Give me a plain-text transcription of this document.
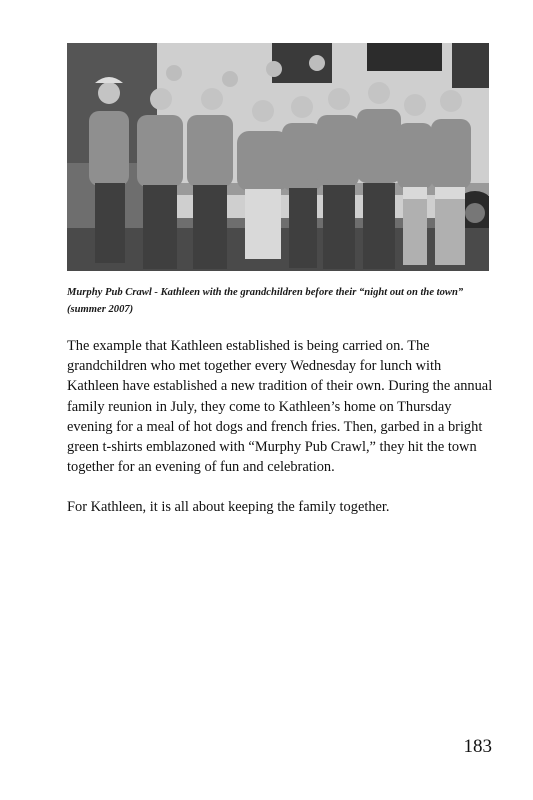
Murphy Pub Crawl - Kathleen with the grandchildren before their “night out on the town” (summer 2007)

The example that Kathleen established is being carried on. The grandchildren who met together every Wednesday for lunch with Kathleen have established a new tradition of their own. During the annual family reunion in July, they come to Kathleen’s home on Thursday evening for a meal of hot dogs and french fries. Then, garbed in a bright green t-shirts emblazoned with “Murphy Pub Crawl,” they hit the town together for an evening of fun and celebration.

For Kathleen, it is all about keeping the family together.

183
